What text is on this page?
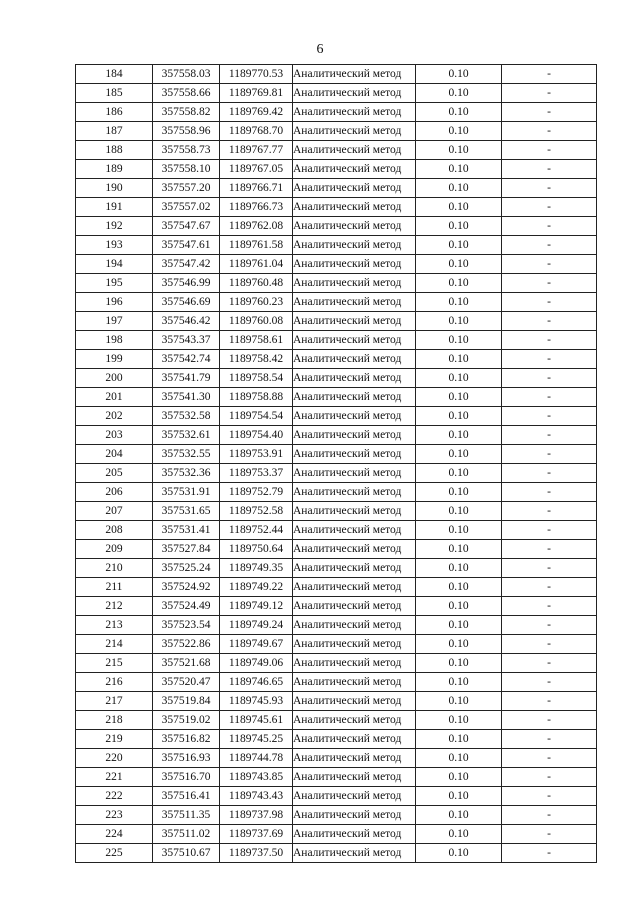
6
184	357558.03	1189770.53	Аналитический метод	0.10	-
185	357558.66	1189769.81	Аналитический метод	0.10	-
186	357558.82	1189769.42	Аналитический метод	0.10	-
187	357558.96	1189768.70	Аналитический метод	0.10	-
188	357558.73	1189767.77	Аналитический метод	0.10	-
189	357558.10	1189767.05	Аналитический метод	0.10	-
190	357557.20	1189766.71	Аналитический метод	0.10	-
191	357557.02	1189766.73	Аналитический метод	0.10	-
192	357547.67	1189762.08	Аналитический метод	0.10	-
193	357547.61	1189761.58	Аналитический метод	0.10	-
194	357547.42	1189761.04	Аналитический метод	0.10	-
195	357546.99	1189760.48	Аналитический метод	0.10	-
196	357546.69	1189760.23	Аналитический метод	0.10	-
197	357546.42	1189760.08	Аналитический метод	0.10	-
198	357543.37	1189758.61	Аналитический метод	0.10	-
199	357542.74	1189758.42	Аналитический метод	0.10	-
200	357541.79	1189758.54	Аналитический метод	0.10	-
201	357541.30	1189758.88	Аналитический метод	0.10	-
202	357532.58	1189754.54	Аналитический метод	0.10	-
203	357532.61	1189754.40	Аналитический метод	0.10	-
204	357532.55	1189753.91	Аналитический метод	0.10	-
205	357532.36	1189753.37	Аналитический метод	0.10	-
206	357531.91	1189752.79	Аналитический метод	0.10	-
207	357531.65	1189752.58	Аналитический метод	0.10	-
208	357531.41	1189752.44	Аналитический метод	0.10	-
209	357527.84	1189750.64	Аналитический метод	0.10	-
210	357525.24	1189749.35	Аналитический метод	0.10	-
211	357524.92	1189749.22	Аналитический метод	0.10	-
212	357524.49	1189749.12	Аналитический метод	0.10	-
213	357523.54	1189749.24	Аналитический метод	0.10	-
214	357522.86	1189749.67	Аналитический метод	0.10	-
215	357521.68	1189749.06	Аналитический метод	0.10	-
216	357520.47	1189746.65	Аналитический метод	0.10	-
217	357519.84	1189745.93	Аналитический метод	0.10	-
218	357519.02	1189745.61	Аналитический метод	0.10	-
219	357516.82	1189745.25	Аналитический метод	0.10	-
220	357516.93	1189744.78	Аналитический метод	0.10	-
221	357516.70	1189743.85	Аналитический метод	0.10	-
222	357516.41	1189743.43	Аналитический метод	0.10	-
223	357511.35	1189737.98	Аналитический метод	0.10	-
224	357511.02	1189737.69	Аналитический метод	0.10	-
225	357510.67	1189737.50	Аналитический метод	0.10	-
